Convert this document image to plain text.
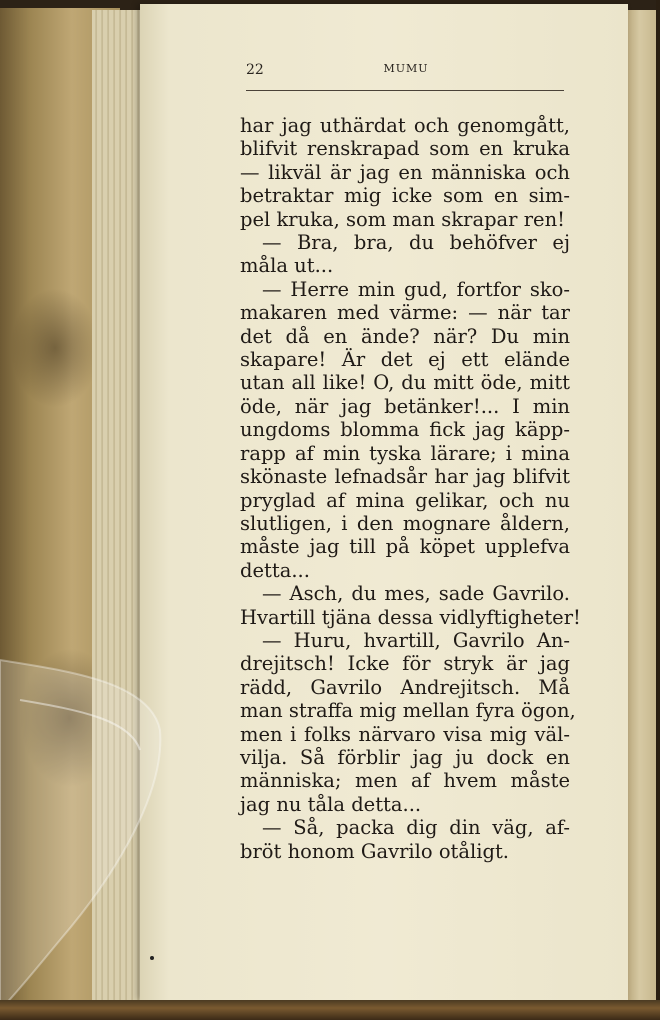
22	MUMU
har jag uthärdat och genomgått,
blifvit renskrapad som en kruka
— likväl är jag en människa och
betraktar mig icke som en sim-
pel kruka, som man skrapar ren!
— Bra, bra, du behöfver ej
måla ut...
— Herre min gud, fortfor sko-
makaren med värme: — när tar
det då en ände? när? Du min
skapare! Är det ej ett elände
utan all like! O, du mitt öde, mitt
öde, när jag betänker!... I min
ungdoms blomma fick jag käpp-
rapp af min tyska lärare; i mina
skönaste lefnadsår har jag blifvit
pryglad af mina gelikar, och nu
slutligen, i den mognare åldern,
måste jag till på köpet upplefva
detta...
— Asch, du mes, sade Gavrilo.
Hvartill tjäna dessa vidlyftigheter!
— Huru, hvartill, Gavrilo An-
drejitsch! Icke för stryk är jag
rädd, Gavrilo Andrejitsch. Må
man straffa mig mellan fyra ögon,
men i folks närvaro visa mig väl-
vilja. Så förblir jag ju dock en
människa; men af hvem måste
jag nu tåla detta...
— Så, packa dig din väg, af-
bröt honom Gavrilo otåligt.
